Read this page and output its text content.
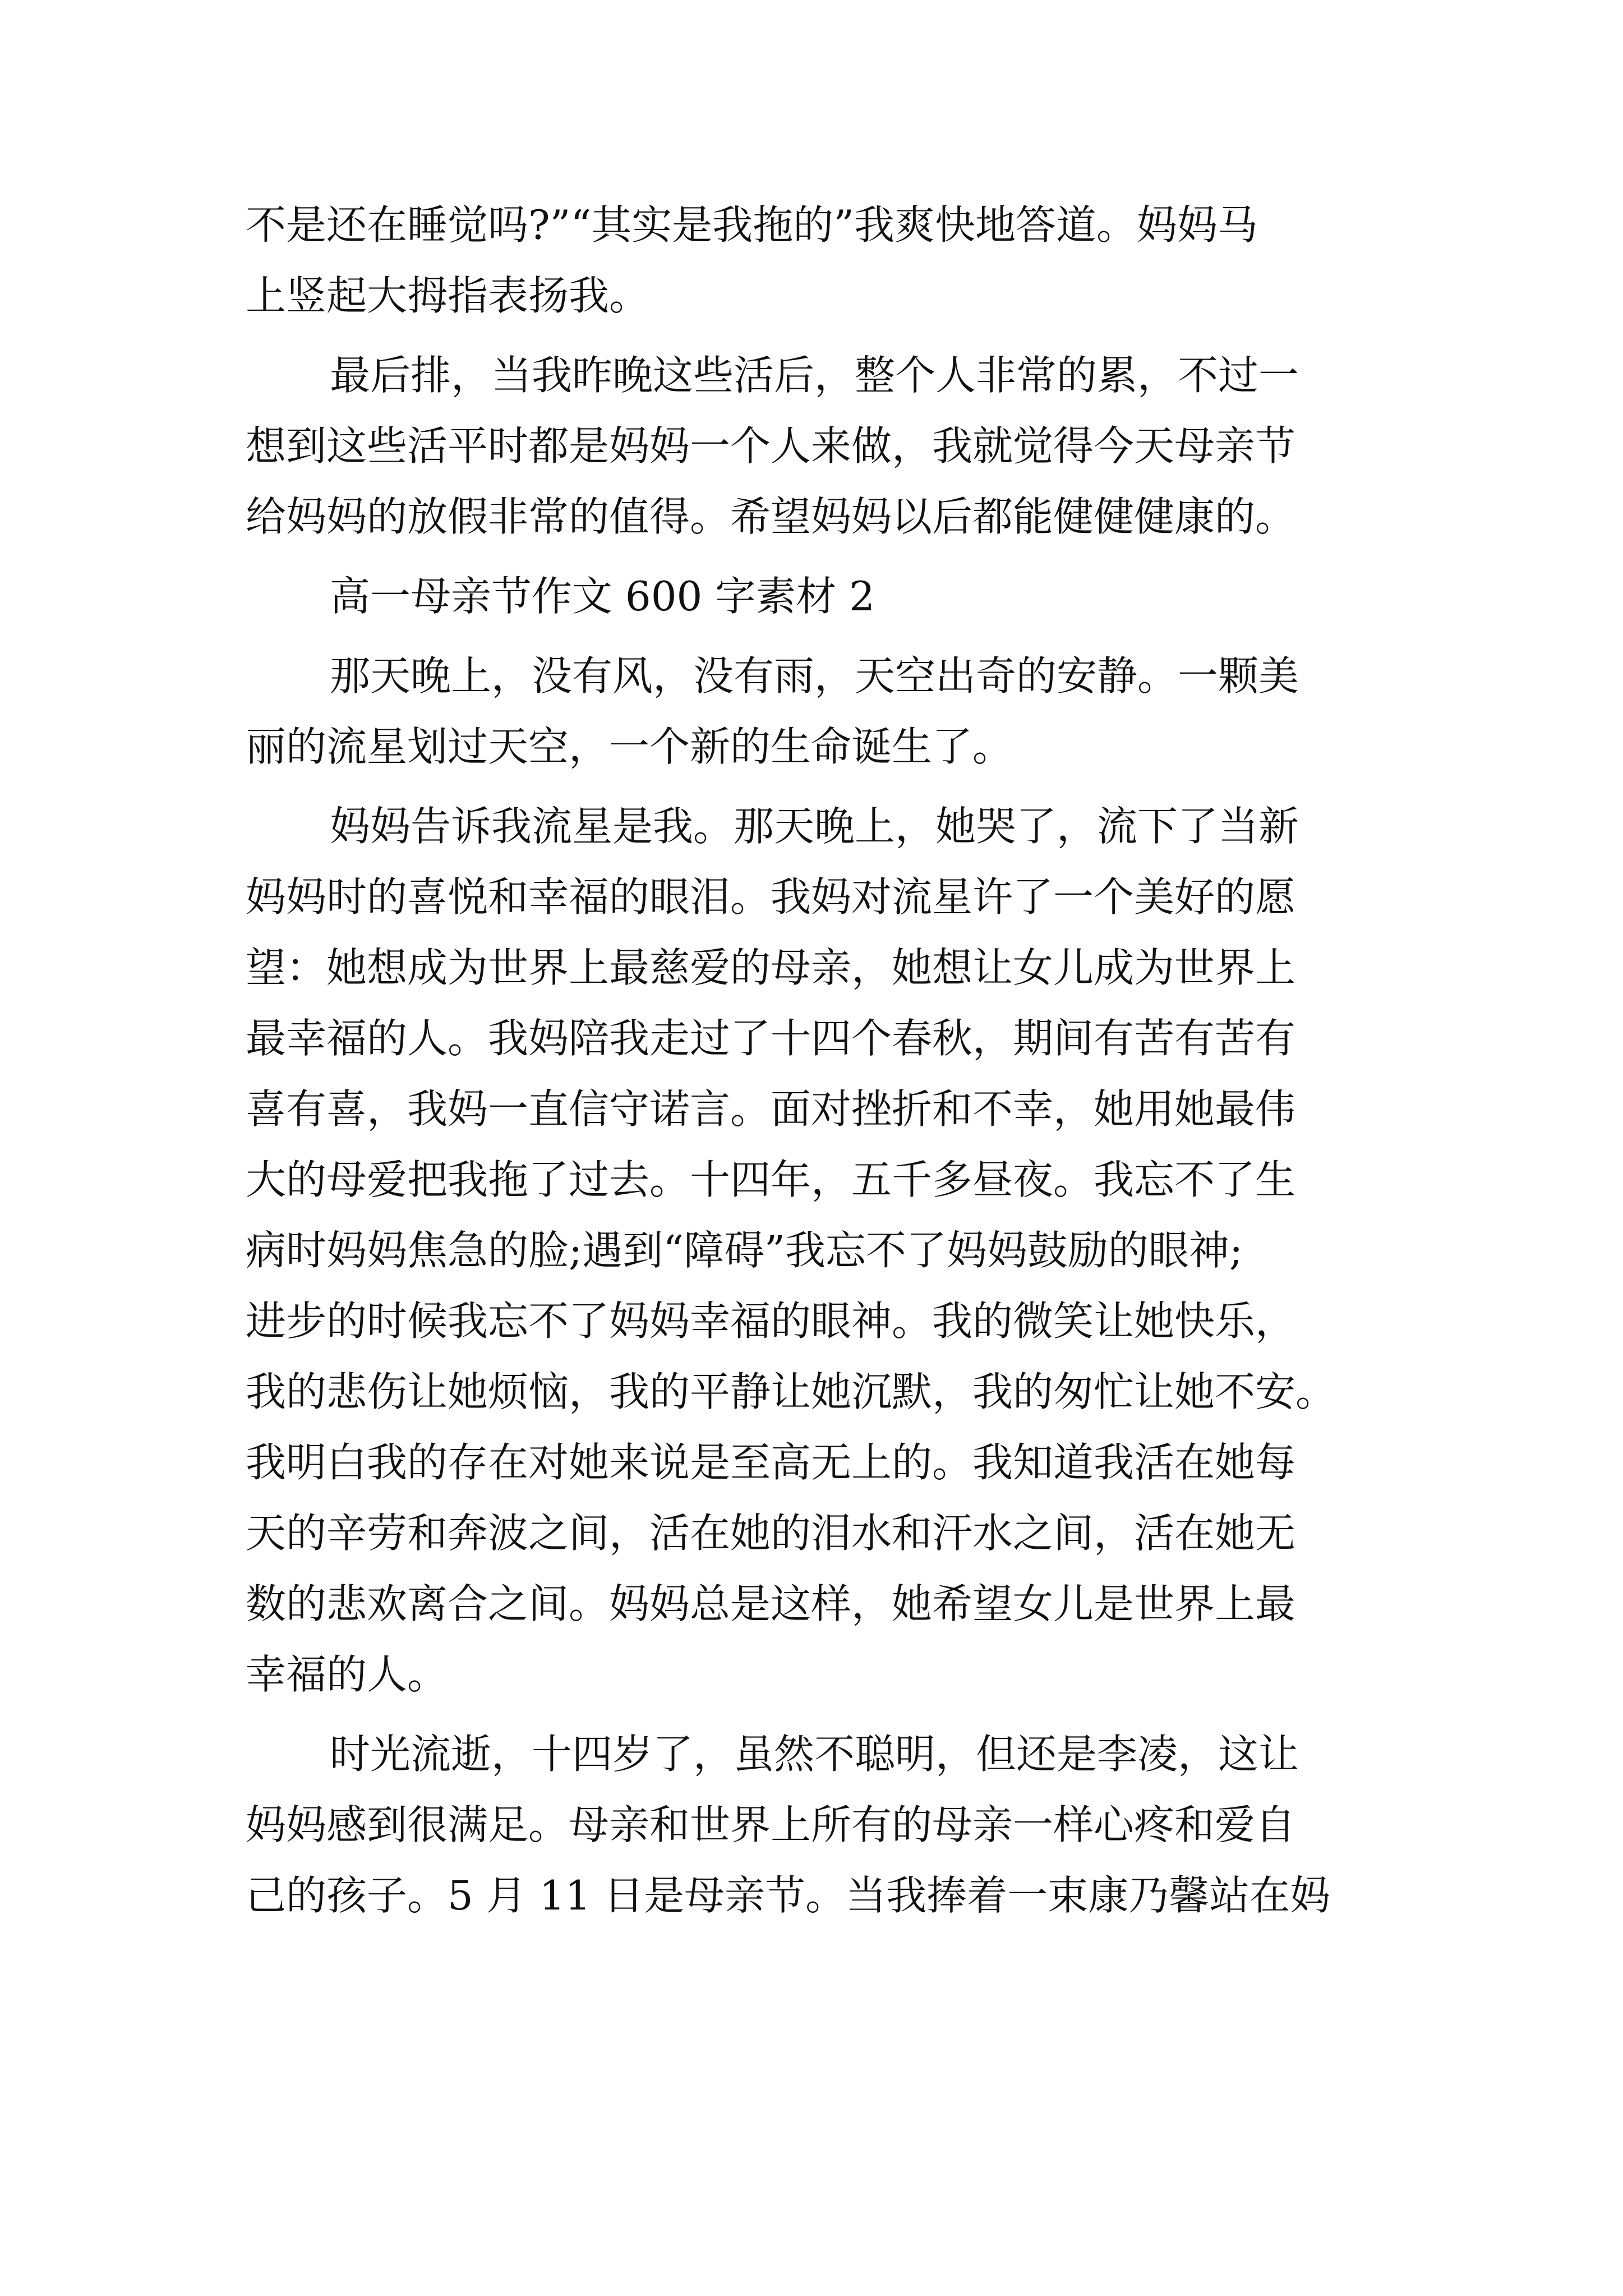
不是还在睡觉吗?”“其实是我拖的”我爽快地答道。妈妈马
上竖起大拇指表扬我。
最后排，当我昨晚这些活后，整个人非常的累，不过一
想到这些活平时都是妈妈一个人来做，我就觉得今天母亲节
给妈妈的放假非常的值得。希望妈妈以后都能健健健康的。
高一母亲节作文 600 字素材 2
那天晚上，没有风，没有雨，天空出奇的安静。一颗美
丽的流星划过天空，一个新的生命诞生了。
妈妈告诉我流星是我。那天晚上，她哭了，流下了当新
妈妈时的喜悦和幸福的眼泪。我妈对流星许了一个美好的愿
望：她想成为世界上最慈爱的母亲，她想让女儿成为世界上
最幸福的人。我妈陪我走过了十四个春秋，期间有苦有苦有
喜有喜，我妈一直信守诺言。面对挫折和不幸，她用她最伟
大的母爱把我拖了过去。十四年，五千多昼夜。我忘不了生
病时妈妈焦急的脸;遇到“障碍”我忘不了妈妈鼓励的眼神;
进步的时候我忘不了妈妈幸福的眼神。我的微笑让她快乐，
我的悲伤让她烦恼，我的平静让她沉默，我的匆忙让她不安。
我明白我的存在对她来说是至高无上的。我知道我活在她每
天的辛劳和奔波之间，活在她的泪水和汗水之间，活在她无
数的悲欢离合之间。妈妈总是这样，她希望女儿是世界上最
幸福的人。
时光流逝，十四岁了，虽然不聪明，但还是李凌，这让
妈妈感到很满足。母亲和世界上所有的母亲一样心疼和爱自
己的孩子。5 月 11 日是母亲节。当我捧着一束康乃馨站在妈
